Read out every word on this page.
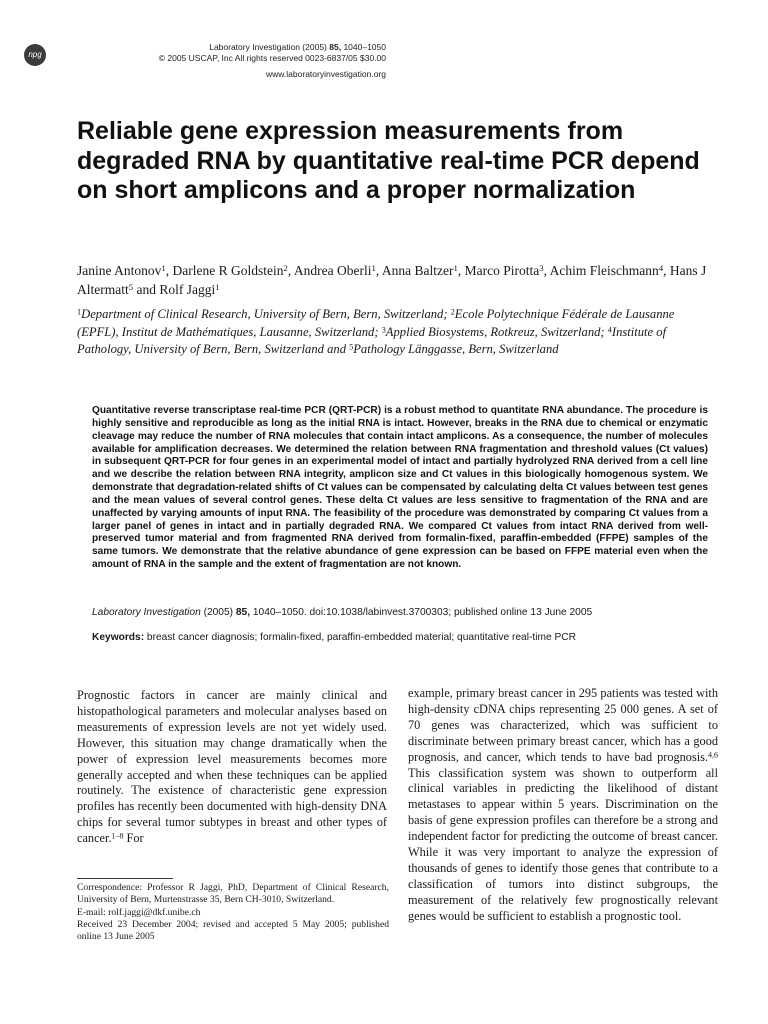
npg
Laboratory Investigation (2005) 85, 1040–1050
© 2005 USCAP, Inc All rights reserved 0023-6837/05 $30.00
www.laboratoryinvestigation.org
Reliable gene expression measurements from degraded RNA by quantitative real-time PCR depend on short amplicons and a proper normalization
Janine Antonov$^1$, Darlene R Goldstein$^2$, Andrea Oberli$^1$, Anna Baltzer$^1$, Marco Pirotta$^3$, Achim Fleischmann$^4$, Hans J Altermatt$^5$ and Rolf Jaggi$^1$
$^1$Department of Clinical Research, University of Bern, Bern, Switzerland; $^2$Ecole Polytechnique Fédérale de Lausanne (EPFL), Institut de Mathématiques, Lausanne, Switzerland; $^3$Applied Biosystems, Rotkreuz, Switzerland; $^4$Institute of Pathology, University of Bern, Bern, Switzerland and $^5$Pathology Länggasse, Bern, Switzerland
Quantitative reverse transcriptase real-time PCR (QRT-PCR) is a robust method to quantitate RNA abundance. The procedure is highly sensitive and reproducible as long as the initial RNA is intact. However, breaks in the RNA due to chemical or enzymatic cleavage may reduce the number of RNA molecules that contain intact amplicons. As a consequence, the number of molecules available for amplification decreases. We determined the relation between RNA fragmentation and threshold values (Ct values) in subsequent QRT-PCR for four genes in an experimental model of intact and partially hydrolyzed RNA derived from a cell line and we describe the relation between RNA integrity, amplicon size and Ct values in this biologically homogenous system. We demonstrate that degradation-related shifts of Ct values can be compensated by calculating delta Ct values between test genes and the mean values of several control genes. These delta Ct values are less sensitive to fragmentation of the RNA and are unaffected by varying amounts of input RNA. The feasibility of the procedure was demonstrated by comparing Ct values from a larger panel of genes in intact and in partially degraded RNA. We compared Ct values from intact RNA derived from well-preserved tumor material and from fragmented RNA derived from formalin-fixed, paraffin-embedded (FFPE) samples of the same tumors. We demonstrate that the relative abundance of gene expression can be based on FFPE material even when the amount of RNA in the sample and the extent of fragmentation are not known.
Laboratory Investigation (2005) 85, 1040–1050. doi:10.1038/labinvest.3700303; published online 13 June 2005
Keywords: breast cancer diagnosis; formalin-fixed, paraffin-embedded material; quantitative real-time PCR
Prognostic factors in cancer are mainly clinical and histopathological parameters and molecular analyses based on measurements of expression levels are not yet widely used. However, this situation may change dramatically when the power of expression level measurements becomes more generally accepted and when these techniques can be applied routinely. The existence of characteristic gene expression profiles has recently been documented with high-density DNA chips for several tumor subtypes in breast and other types of cancer.$^{1-8}$ For
example, primary breast cancer in 295 patients was tested with high-density cDNA chips representing 25 000 genes. A set of 70 genes was characterized, which was sufficient to discriminate between primary breast cancer, which has a good prognosis, and cancer, which tends to have bad prognosis.$^{4,6}$ This classification system was shown to outperform all clinical variables in predicting the likelihood of distant metastases to appear within 5 years. Discrimination on the basis of gene expression profiles can therefore be a strong and independent factor for predicting the outcome of breast cancer. While it was very important to analyze the expression of thousands of genes to identify those genes that contribute to a classification of tumors into distinct subgroups, the measurement of the relatively few prognostically relevant genes would be sufficient to establish a prognostic tool.
Correspondence: Professor R Jaggi, PhD, Department of Clinical Research, University of Bern, Murtenstrasse 35, Bern CH-3010, Switzerland.
E-mail: rolf.jaggi@dkf.unibe.ch
Received 23 December 2004; revised and accepted 5 May 2005; published online 13 June 2005
